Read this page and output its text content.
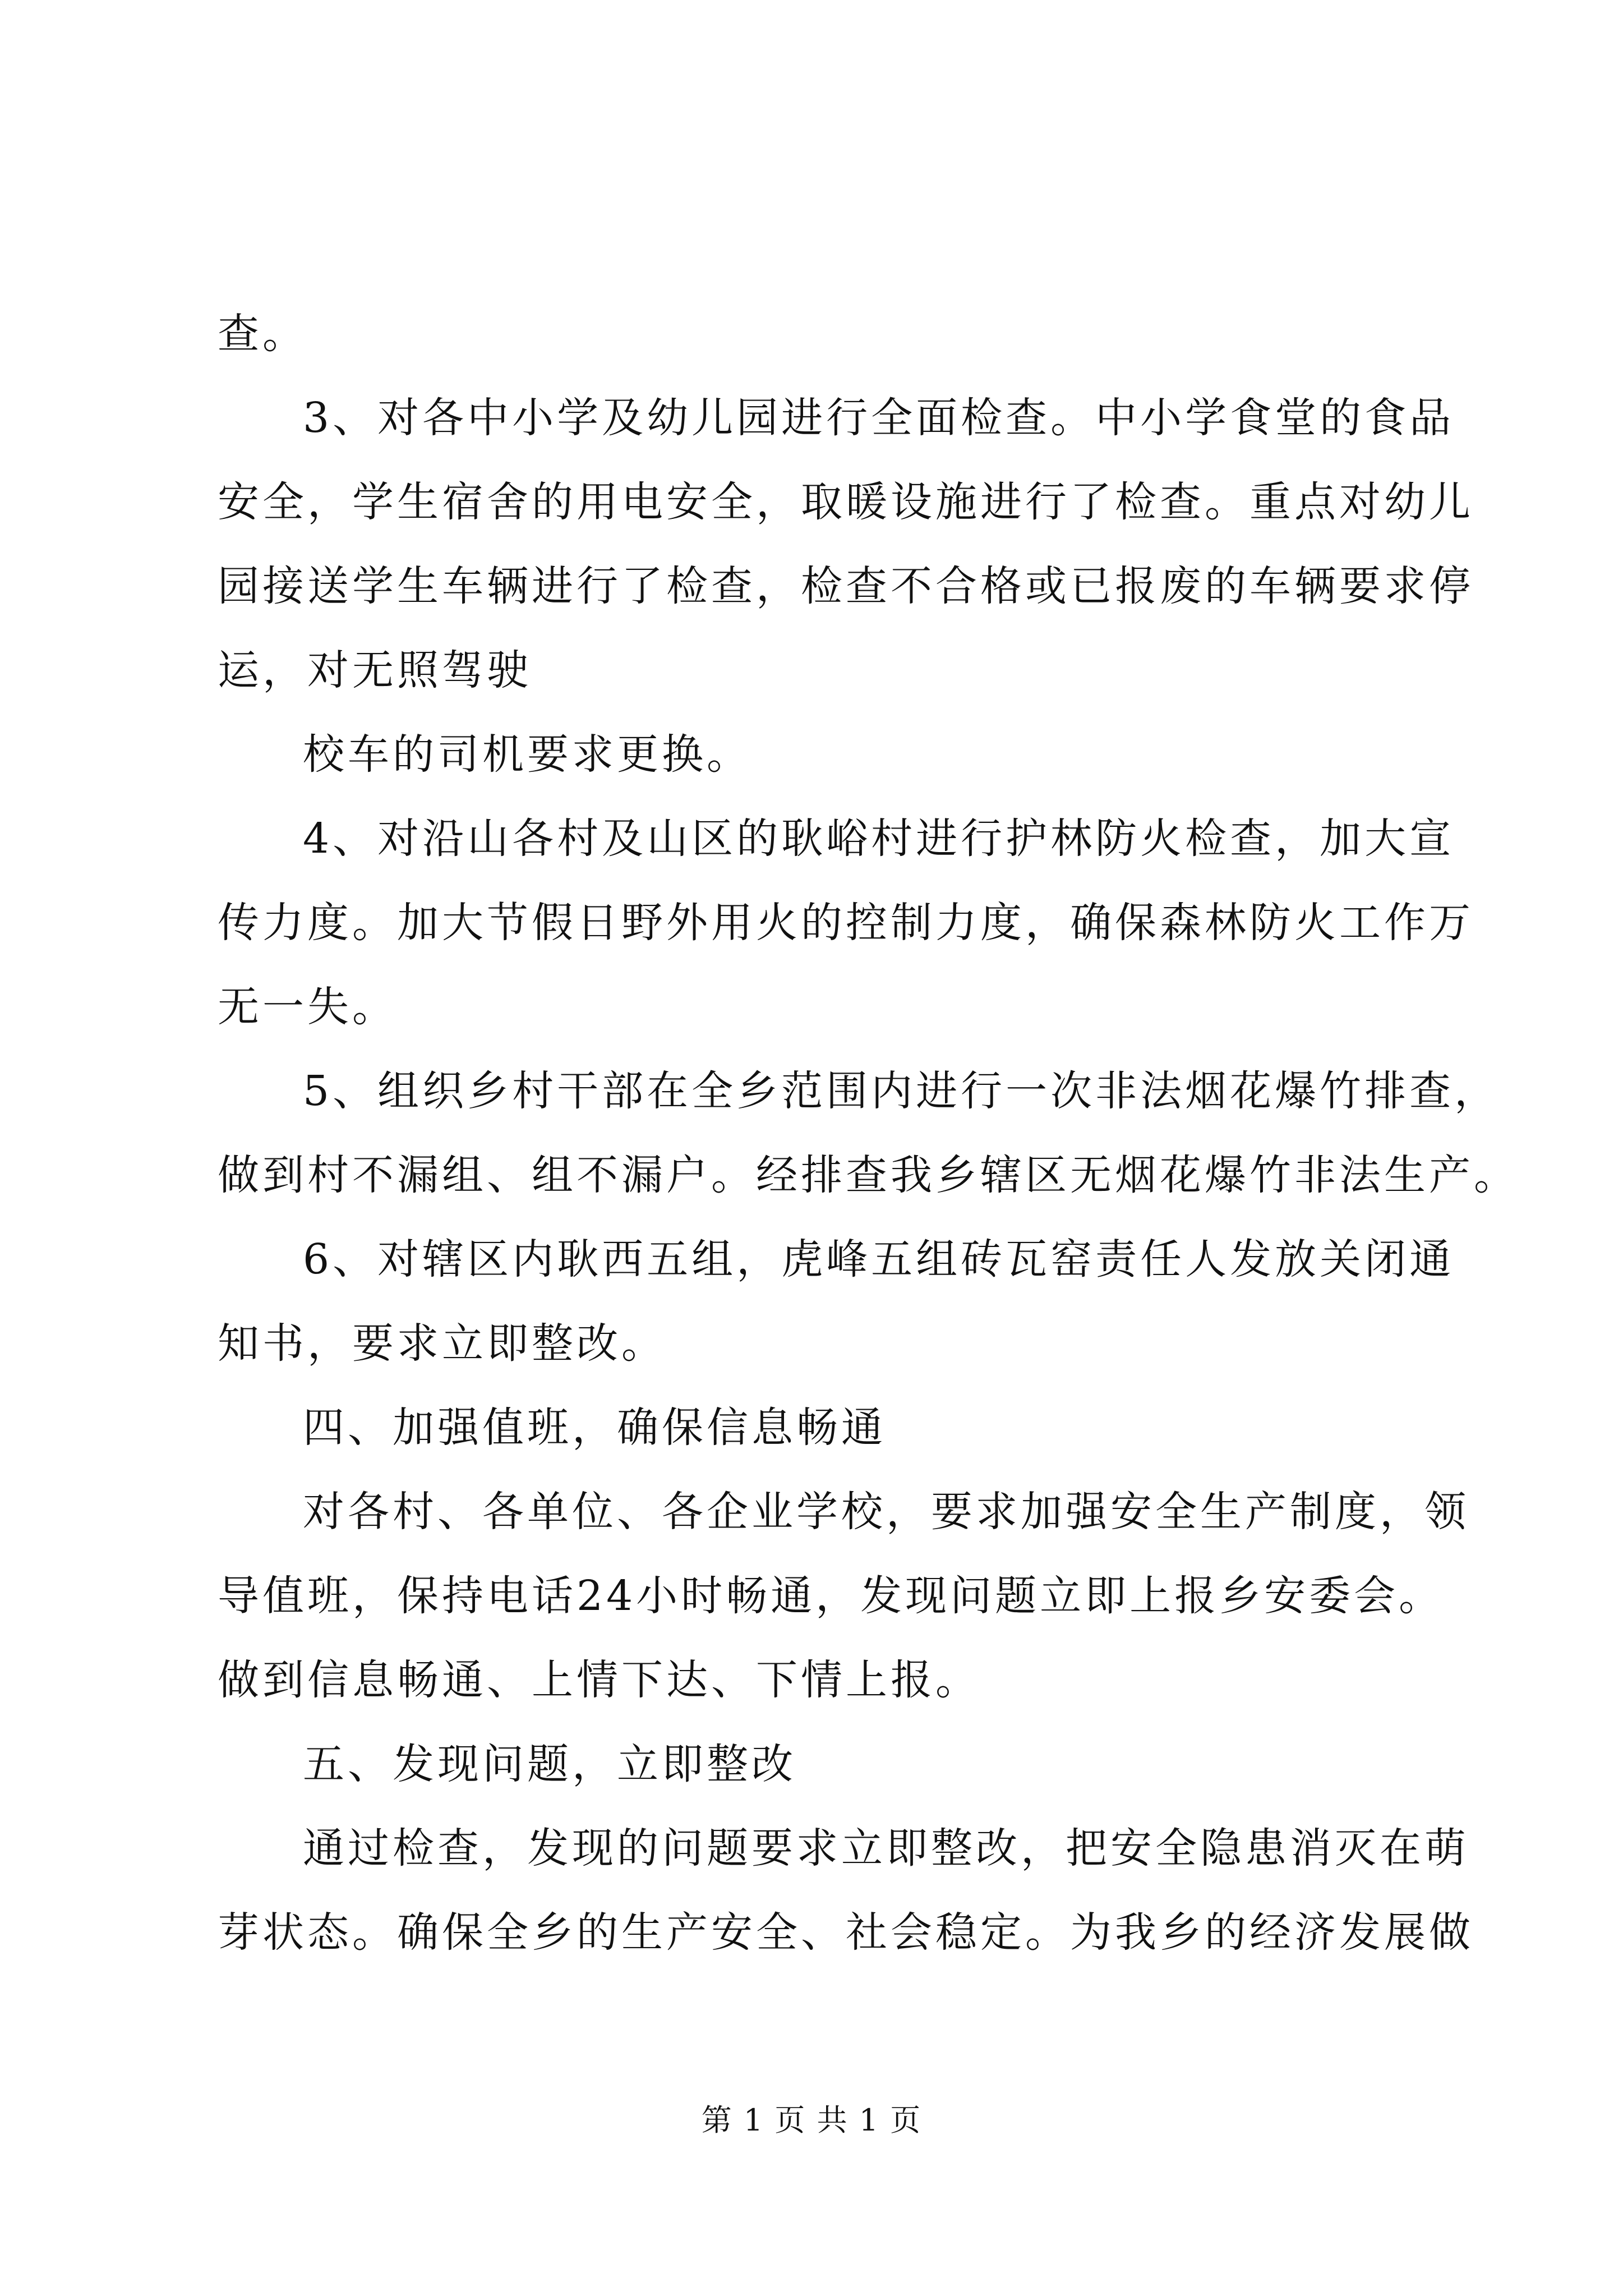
查。
3、对各中小学及幼儿园进行全面检查。中小学食堂的食品
安全，学生宿舍的用电安全，取暖设施进行了检查。重点对幼儿
园接送学生车辆进行了检查，检查不合格或已报废的车辆要求停
运，对无照驾驶
校车的司机要求更换。
4、对沿山各村及山区的耿峪村进行护林防火检查，加大宣
传力度。加大节假日野外用火的控制力度，确保森林防火工作万
无一失。
5、组织乡村干部在全乡范围内进行一次非法烟花爆竹排查，
做到村不漏组、组不漏户。经排查我乡辖区无烟花爆竹非法生产。
6、对辖区内耿西五组，虎峰五组砖瓦窑责任人发放关闭通
知书，要求立即整改。
四、加强值班，确保信息畅通
对各村、各单位、各企业学校，要求加强安全生产制度，领
导值班，保持电话24小时畅通，发现问题立即上报乡安委会。
做到信息畅通、上情下达、下情上报。
五、发现问题，立即整改
通过检查，发现的问题要求立即整改，把安全隐患消灭在萌
芽状态。确保全乡的生产安全、社会稳定。为我乡的经济发展做
第 1 页 共 1 页
